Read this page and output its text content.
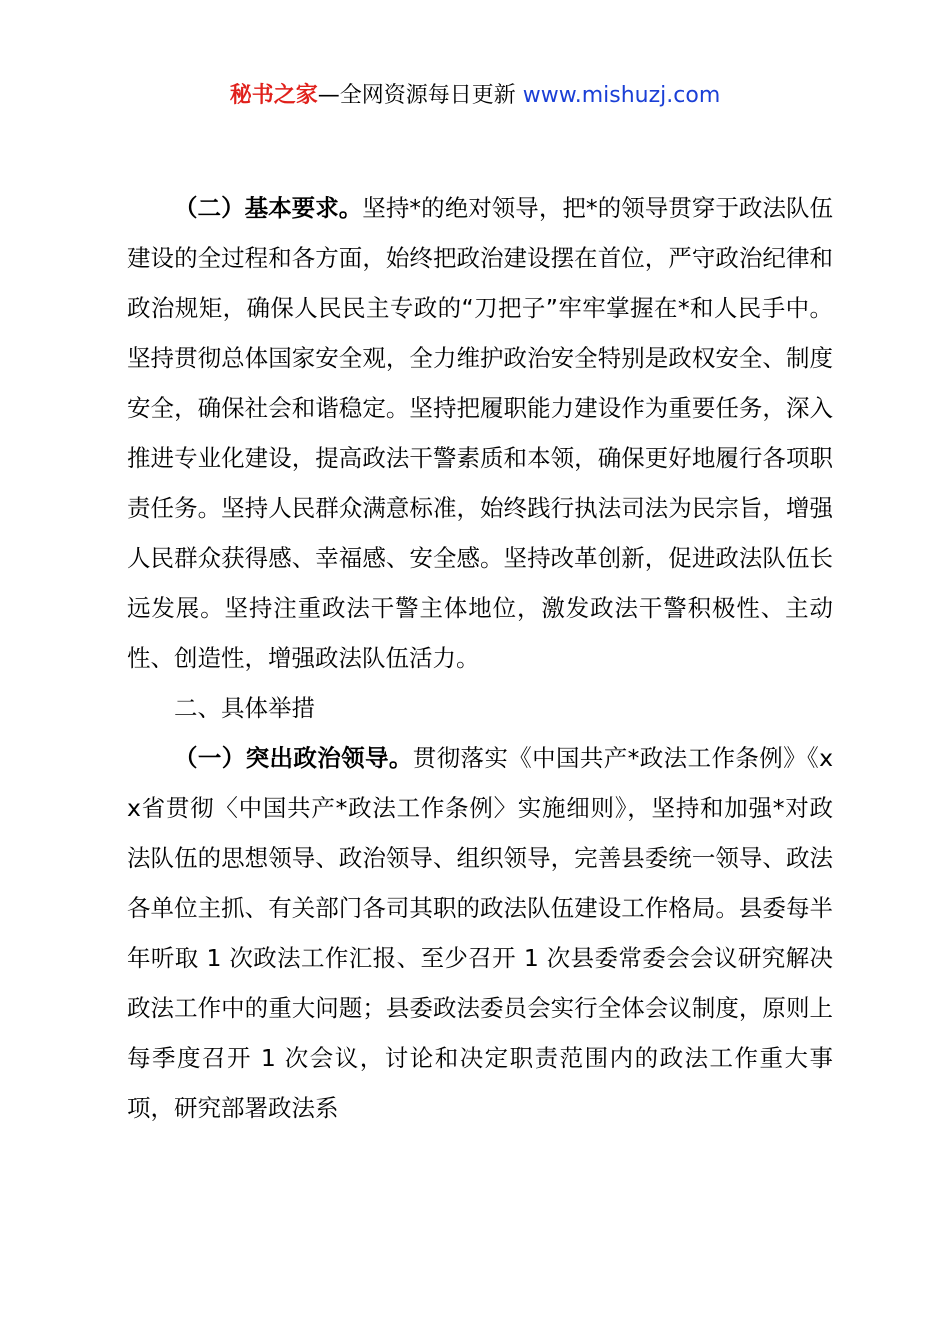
秘书之家—全网资源每日更新 www.mishuzj.com

（二）基本要求。坚持*的绝对领导，把*的领导贯穿于政法队伍建设的全过程和各方面，始终把政治建设摆在首位，严守政治纪律和政治规矩，确保人民民主专政的“刀把子”牢牢掌握在*和人民手中。坚持贯彻总体国家安全观，全力维护政治安全特别是政权安全、制度安全，确保社会和谐稳定。坚持把履职能力建设作为重要任务，深入推进专业化建设，提高政法干警素质和本领，确保更好地履行各项职责任务。坚持人民群众满意标准，始终践行执法司法为民宗旨，增强人民群众获得感、幸福感、安全感。坚持改革创新，促进政法队伍长远发展。坚持注重政法干警主体地位，激发政法干警积极性、主动性、创造性，增强政法队伍活力。

二、具体举措

（一）突出政治领导。贯彻落实《中国共产*政法工作条例》《xx省贯彻〈中国共产*政法工作条例〉实施细则》，坚持和加强*对政法队伍的思想领导、政治领导、组织领导，完善县委统一领导、政法各单位主抓、有关部门各司其职的政法队伍建设工作格局。县委每半年听取 1 次政法工作汇报、至少召开 1 次县委常委会会议研究解决政法工作中的重大问题；县委政法委员会实行全体会议制度，原则上每季度召开 1 次会议，讨论和决定职责范围内的政法工作重大事项，研究部署政法系
